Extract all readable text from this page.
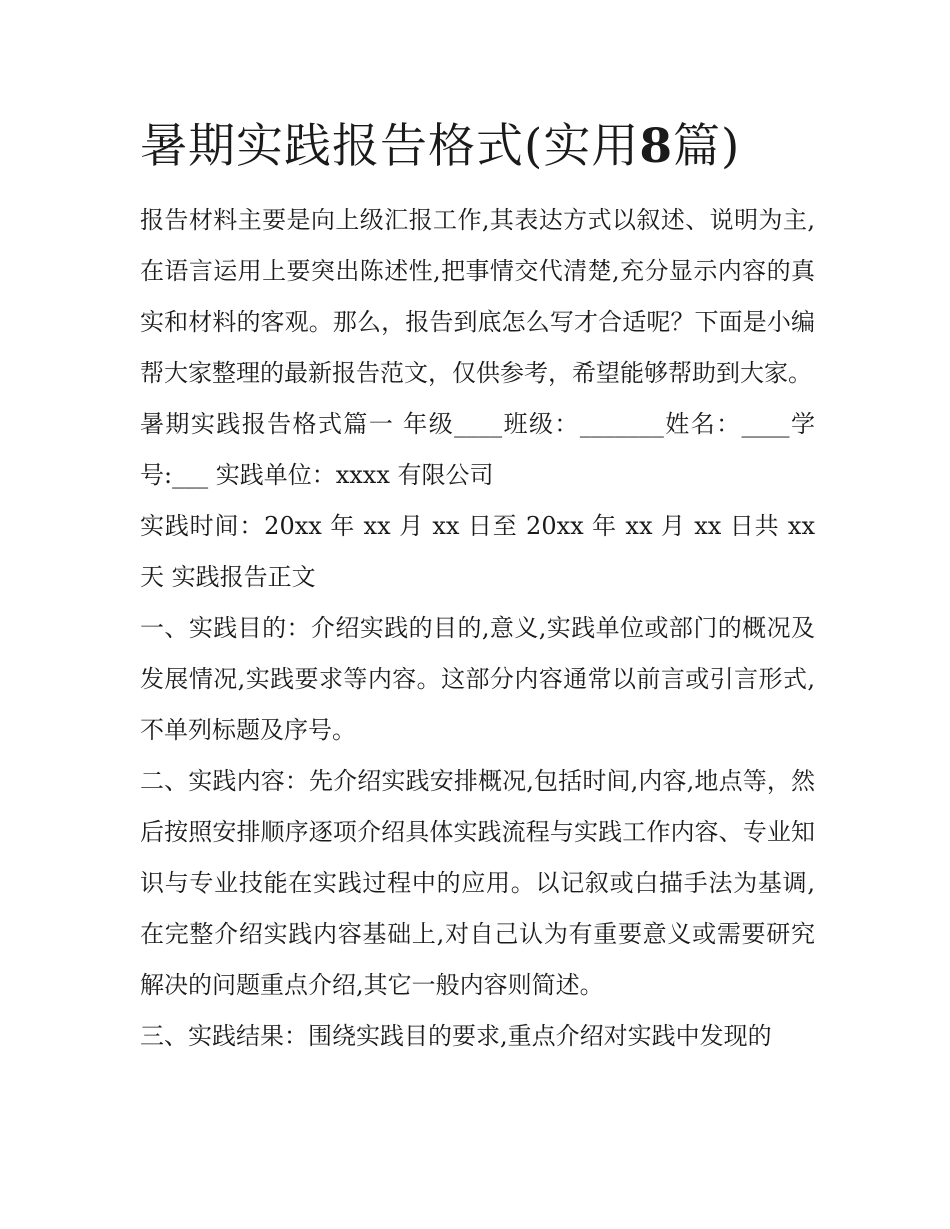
暑期实践报告格式(实用8篇)

报告材料主要是向上级汇报工作,其表达方式以叙述、说明为主,在语言运用上要突出陈述性,把事情交代清楚,充分显示内容的真实和材料的客观。那么，报告到底怎么写才合适呢？下面是小编帮大家整理的最新报告范文，仅供参考，希望能够帮助到大家。

暑期实践报告格式篇一 年级____班级：_______姓名：____学号:___ 实践单位：xxxx 有限公司

实践时间：20xx 年 xx 月 xx 日至 20xx 年 xx 月 xx 日共 xx 天 实践报告正文

一、实践目的：介绍实践的目的,意义,实践单位或部门的概况及发展情况,实践要求等内容。这部分内容通常以前言或引言形式,不单列标题及序号。

二、实践内容：先介绍实践安排概况,包括时间,内容,地点等，然后按照安排顺序逐项介绍具体实践流程与实践工作内容、专业知识与专业技能在实践过程中的应用。以记叙或白描手法为基调,在完整介绍实践内容基础上,对自己认为有重要意义或需要研究解决的问题重点介绍,其它一般内容则简述。

三、实践结果：围绕实践目的要求,重点介绍对实践中发现的
